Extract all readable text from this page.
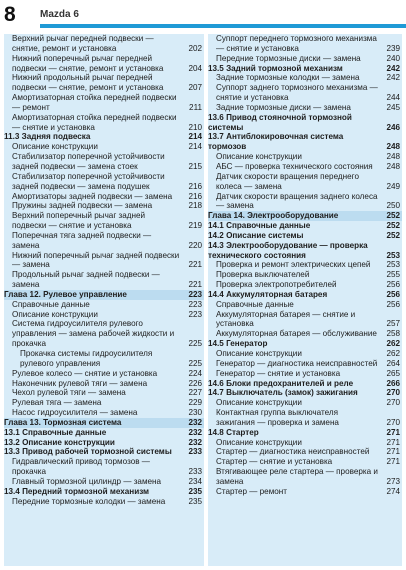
8 Mazda 6
Верхний рычаг передней подвески — снятие, ремонт и установка	202
Нижний поперечный рычаг передней подвески — снятие, ремонт и установка	204
Нижний продольный рычаг передней подвески — снятие, ремонт и установка	207
Амортизаторная стойка передней подвески — ремонт	211
Амортизаторная стойка передней подвески — снятие и установка	210
11.3 Задняя подвеска	214
Описание конструкции	214
Стабилизатор поперечной устойчивости задней подвески — замена стоек	215
Стабилизатор поперечной устойчивости задней подвески — замена подушек	216
Амортизаторы задней подвески — замена	216
Пружины задней подвески — замена	218
Верхний поперечный рычаг задней подвески — снятие и установка	219
Поперечная тяга задней подвески — замена	220
Нижний поперечный рычаг задней подвески — замена	221
Продольный рычаг задней подвески — замена	221
Глава 12. Рулевое управление	223
Справочные данные	223
Описание конструкции	223
Система гидроусилителя рулевого управления — замена рабочей жидкости и прокачка	225
Прокачка системы гидроусилителя рулевого управления	225
Рулевое колесо — снятие и установка	224
Наконечник рулевой тяги — замена	226
Чехол рулевой тяги — замена	227
Рулевая тяга — замена	229
Насос гидроусилителя — замена	230
Глава 13. Тормозная система	232
13.1 Справочные данные	232
13.2 Описание конструкции	232
13.3 Привод рабочей тормозной системы	233
Гидравлический привод тормозов — прокачка	233
Главный тормозной цилиндр — замена	234
13.4 Передний тормозной механизм	235
Передние тормозные колодки — замена	235
Суппорт переднего тормозного механизма — снятие и установка	239
Передние тормозные диски — замена	240
13.5 Задний тормозной механизм	242
Задние тормозные колодки — замена	242
Суппорт заднего тормозного механизма — снятие и установка	244
Задние тормозные диски — замена	245
13.6 Привод стояночной тормозной системы	246
13.7 Антиблокировочная система тормозов	248
Описание конструкции	248
АБС — проверка технического состояния	248
Датчик скорости вращения переднего колеса — замена	249
Датчик скорости вращения заднего колеса — замена	250
Глава 14. Электрооборудование	252
14.1 Справочные данные	252
14.2 Описание системы	252
14.3 Электрооборудование — проверка технического состояния	253
Проверка и ремонт электрических цепей	253
Проверка выключателей	255
Проверка электропотребителей	256
14.4 Аккумуляторная батарея	256
Справочные данные	256
Аккумуляторная батарея — снятие и установка	257
Аккумуляторная батарея — обслуживание	258
14.5 Генератор	262
Описание конструкции	262
Генератор — диагностика неисправностей	264
Генератор — снятие и установка	265
14.6 Блоки предохранителей и реле	266
14.7 Выключатель (замок) зажигания	270
Описание конструкции	270
Контактная группа выключателя зажигания — проверка и замена	270
14.8 Стартер	271
Описание конструкции	271
Стартер — диагностика неисправностей	271
Стартер — снятие и установка	271
Втягивающее реле стартера — проверка и замена	273
Стартер — ремонт	274
